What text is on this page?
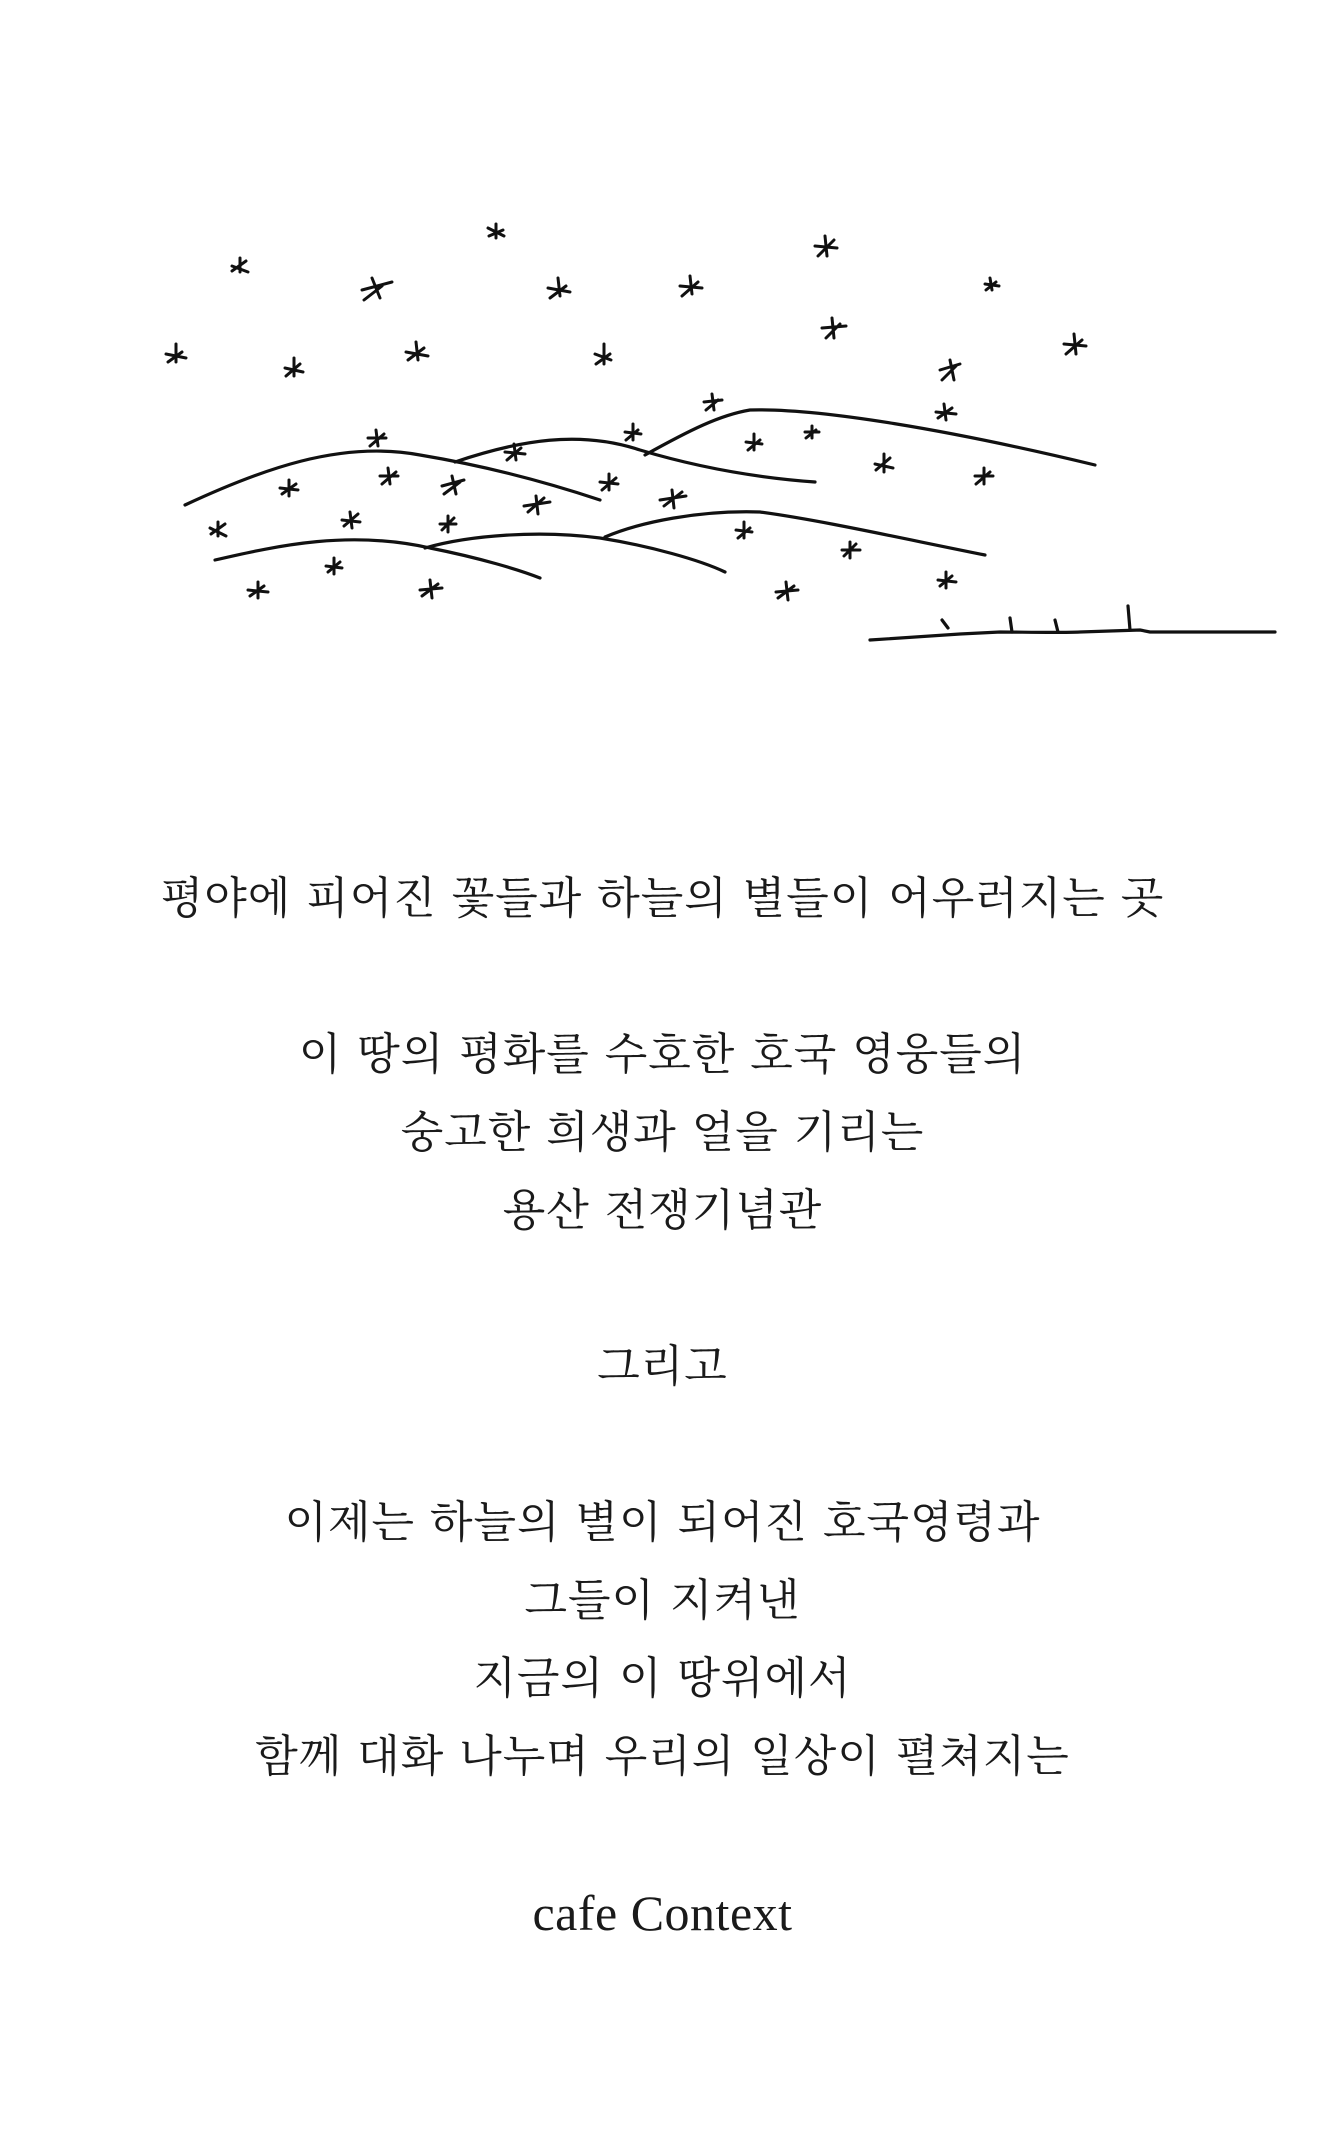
평야에 피어진 꽃들과 하늘의 별들이 어우러지는 곳
이 땅의 평화를 수호한 호국 영웅들의
숭고한 희생과 얼을 기리는
용산 전쟁기념관
그리고
이제는 하늘의 별이 되어진 호국영령과
그들이 지켜낸
지금의 이 땅위에서
함께 대화 나누며 우리의 일상이 펼쳐지는
cafe Context
